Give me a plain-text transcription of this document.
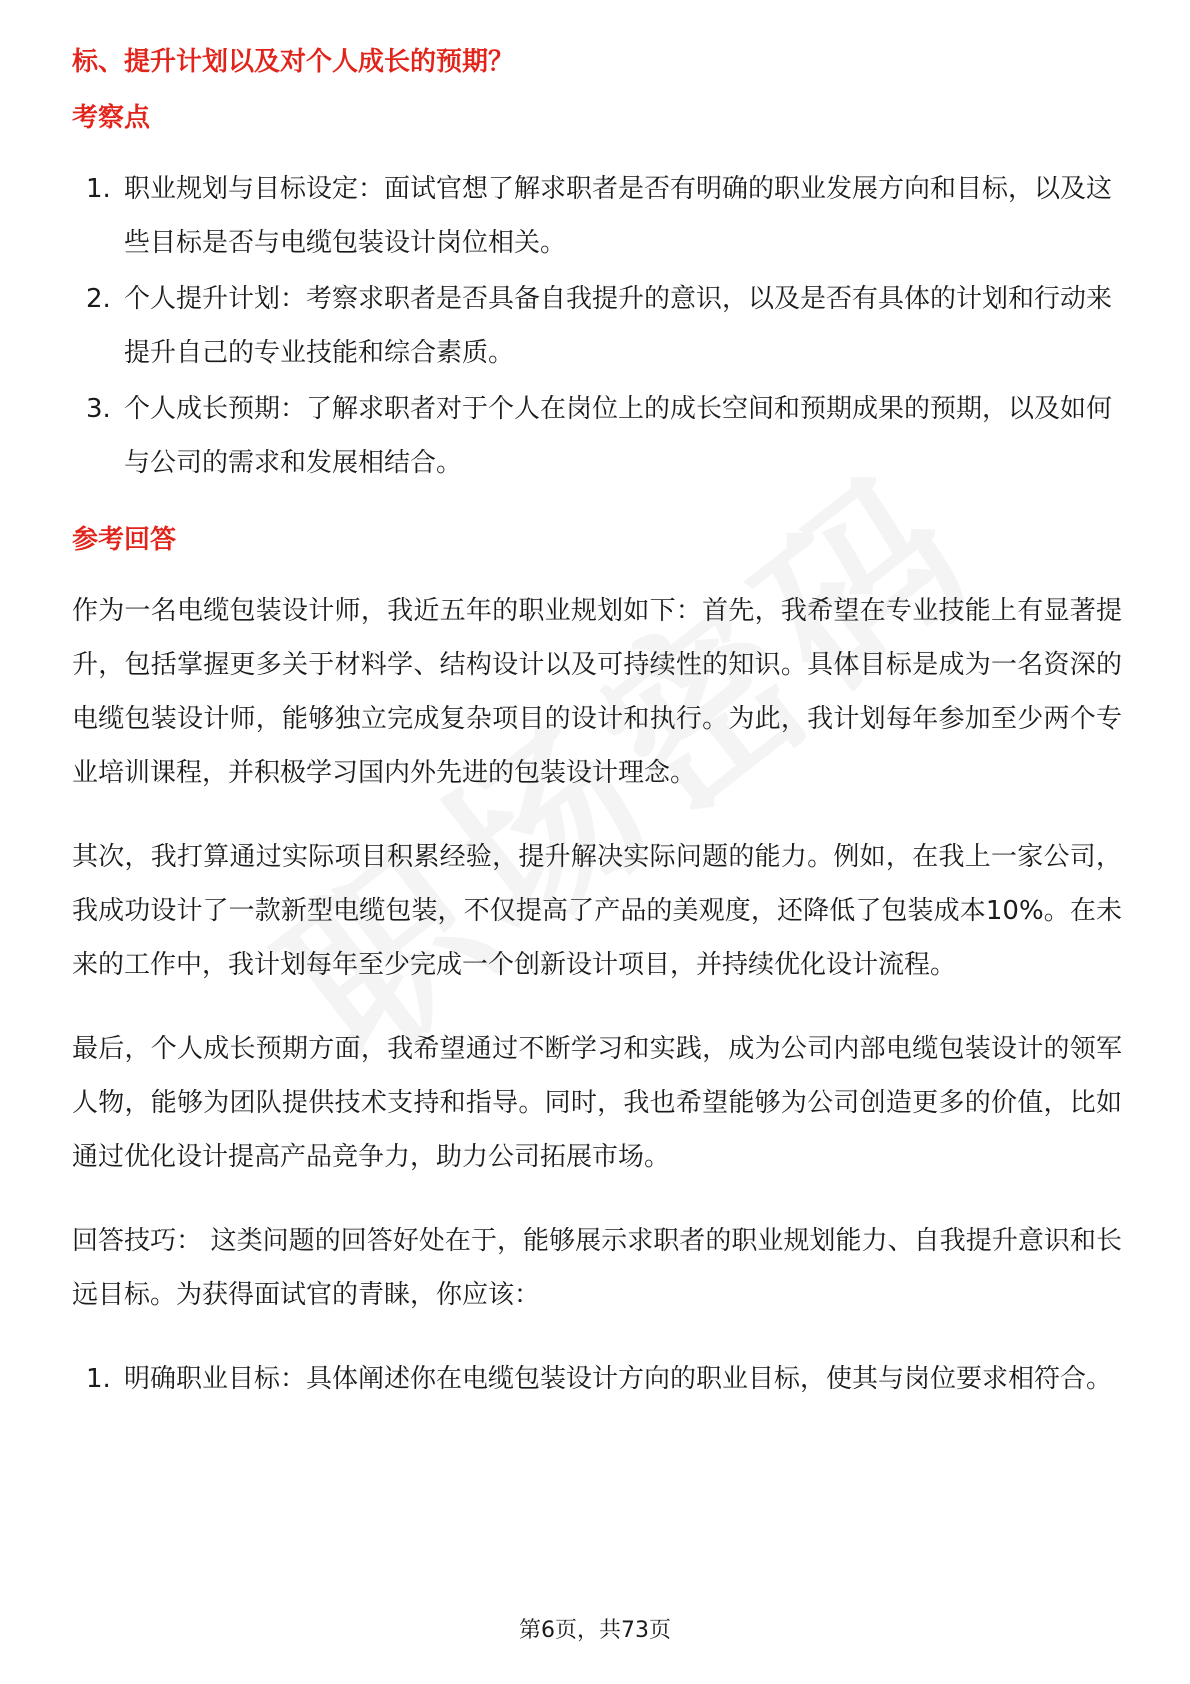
标、提升计划以及对个人成长的预期？
考察点
1. 职业规划与目标设定：面试官想了解求职者是否有明确的职业发展方向和目标，以及这些目标是否与电缆包装设计岗位相关。
2. 个人提升计划：考察求职者是否具备自我提升的意识，以及是否有具体的计划和行动来提升自己的专业技能和综合素质。
3. 个人成长预期：了解求职者对于个人在岗位上的成长空间和预期成果的预期，以及如何与公司的需求和发展相结合。
参考回答

作为一名电缆包装设计师，我近五年的职业规划如下：首先，我希望在专业技能上有显著提升，包括掌握更多关于材料学、结构设计以及可持续性的知识。具体目标是成为一名资深的电缆包装设计师，能够独立完成复杂项目的设计和执行。为此，我计划每年参加至少两个专业培训课程，并积极学习国内外先进的包装设计理念。

其次，我打算通过实际项目积累经验，提升解决实际问题的能力。例如，在我上一家公司，我成功设计了一款新型电缆包装，不仅提高了产品的美观度，还降低了包装成本10%。在未来的工作中，我计划每年至少完成一个创新设计项目，并持续优化设计流程。

最后，个人成长预期方面，我希望通过不断学习和实践，成为公司内部电缆包装设计的领军人物，能够为团队提供技术支持和指导。同时，我也希望能够为公司创造更多的价值，比如通过优化设计提高产品竞争力，助力公司拓展市场。

回答技巧： 这类问题的回答好处在于，能够展示求职者的职业规划能力、自我提升意识和长远目标。为获得面试官的青睐，你应该：

1. 明确职业目标：具体阐述你在电缆包装设计方向的职业目标，使其与岗位要求相符合。
第6页，共73页
